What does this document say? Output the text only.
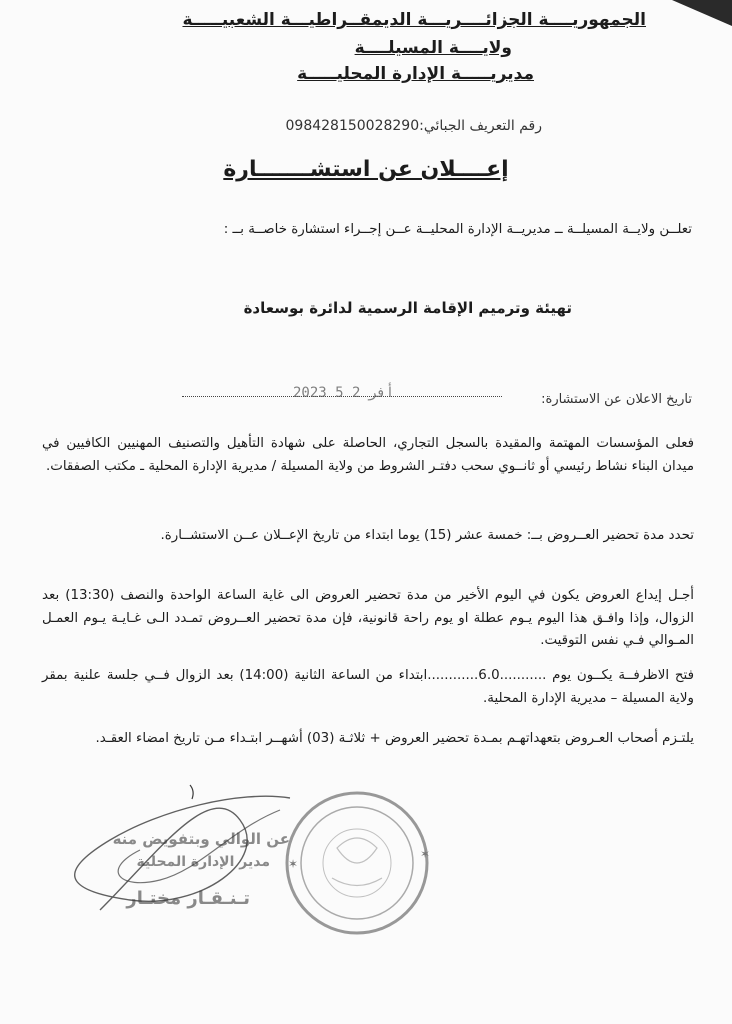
الجمهوريــــة الجزائــــريـــة الديمقــراطيـــة الشعبيـــــة
ولايــــة المسيلــــة
مديريـــــة الإدارة المحليـــــة
رقم التعريف الجبائي:098428150028290
إعــــلان عن استشـــــــارة
تعلــن ولايــة المسيلــة ــ مديريــة الإدارة المحليــة عــن إجــراء استشارة خاصــة بــ :
تهيئة وترميم الإقامة الرسمية لدائرة بوسعادة
تاريخ الاعلان عن الاستشارة:
2023 ﺃﻓﺮ 2 5
فعلى المؤسسات المهتمة والمقيدة بالسجل التجاري، الحاصلة على شهادة التأهيل والتصنيف المهنيين الكافيين في ميدان البناء نشاط رئيسي أو ثانــوي سحب دفتـر الشروط من ولاية المسيلة / مديرية الإدارة المحلية ـ مكتب الصفقات.
تحدد مدة تحضير العــروض بــ: خمسة عشر (15) يوما ابتداء من تاريخ الإعــلان عــن الاستشــارة.
أجـل إيداع العروض يكون في اليوم الأخير من مدة تحضير العروض الى غاية الساعة الواحدة والنصف (13:30) بعد الزوال، وإذا وافـق هذا اليوم يـوم عطلة او يوم راحة قانونية، فإن مدة تحضير العــروض تمـدد الـى غـايـة يـوم العمـل المـوالي فـي نفس التوقيت.
فتح الاظرفــة يكــون يوم ...........6.0............ابتداء من الساعة الثانية (14:00) بعد الزوال فــي جلسة علنية بمقر ولاية المسيلة – مديرية الإدارة المحلية.
يلتـزم أصحاب العـروض بتعهداتهـم بمـدة تحضير العروض + ثلاثـة (03) أشهــر ابتـداء مـن تاريخ امضاء العقـد.
عن الوالي وبتفويض منه
مدير الإدارة المحلية
تـنـقـار مختـار
✶
✶
